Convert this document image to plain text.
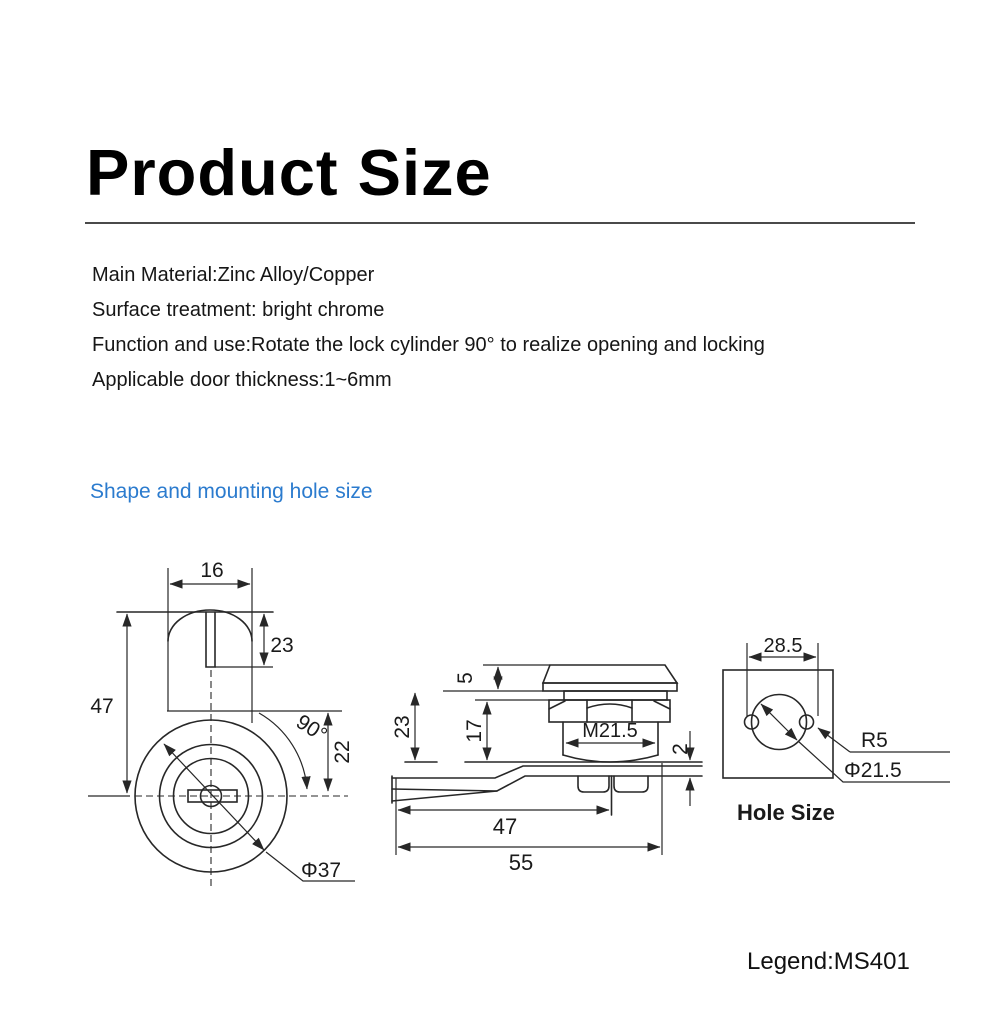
Product Size
Main Material:Zinc Alloy/Copper
Surface treatment: bright chrome
Function and use:Rotate the lock cylinder 90° to realize opening and locking
Applicable door thickness:1~6mm
Shape and mounting hole size
16
23
47
90°
22
Φ37
M21.5
5
23 17
2
47
55
28.5
Φ21.5
R5
Hole Size
Legend:MS401
